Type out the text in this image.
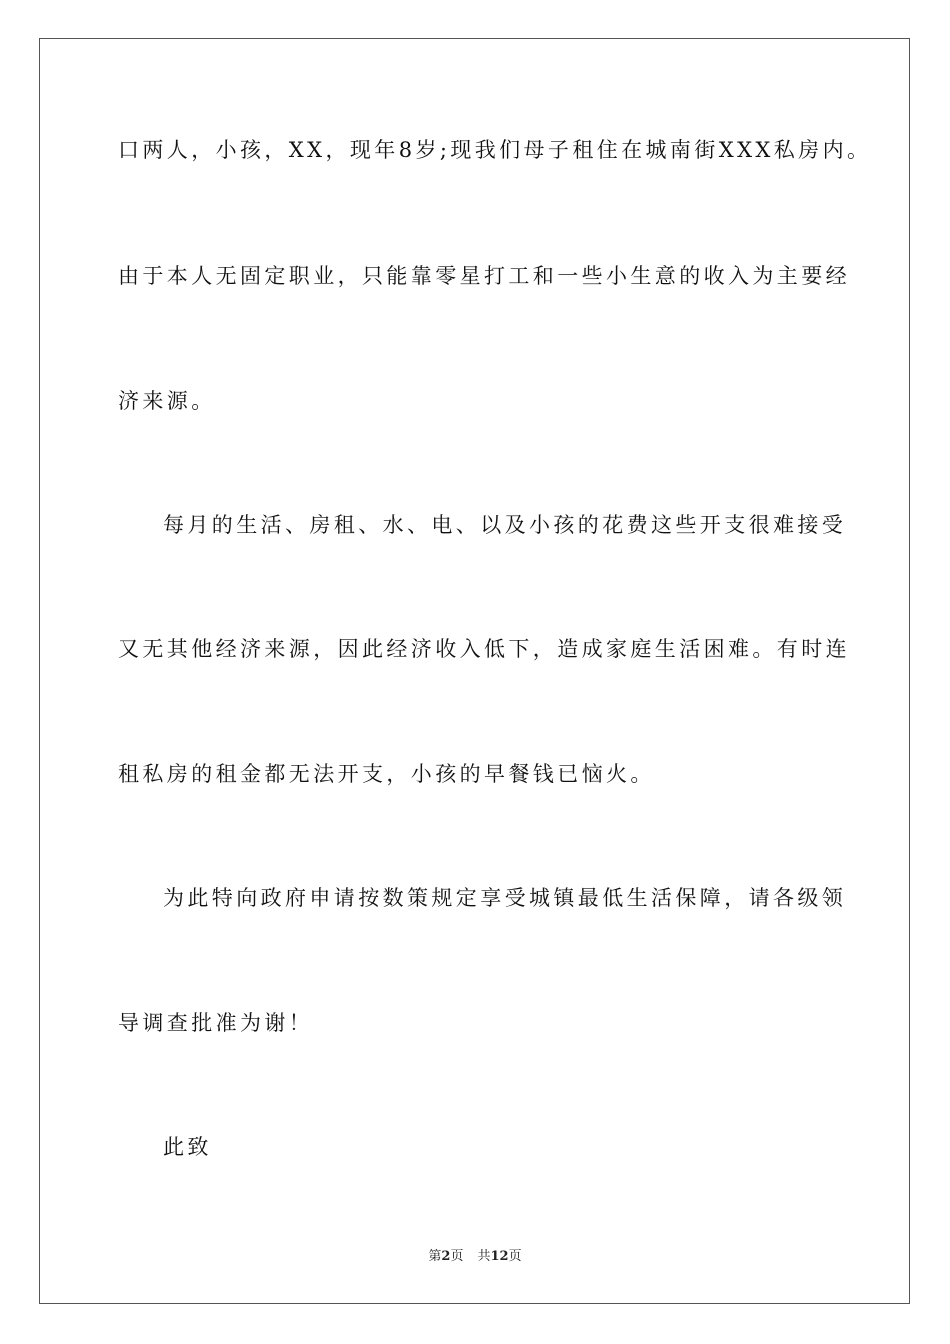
口两人，小孩，XX，现年8岁;现我们母子租住在城南街XXX私房内。
由于本人无固定职业，只能靠零星打工和一些小生意的收入为主要经
济来源。
每月的生活、房租、水、电、以及小孩的花费这些开支很难接受
又无其他经济来源，因此经济收入低下，造成家庭生活困难。有时连
租私房的租金都无法开支，小孩的早餐钱已恼火。
为此特向政府申请按数策规定享受城镇最低生活保障，请各级领
导调查批准为谢！
此致
第2页 共12页
